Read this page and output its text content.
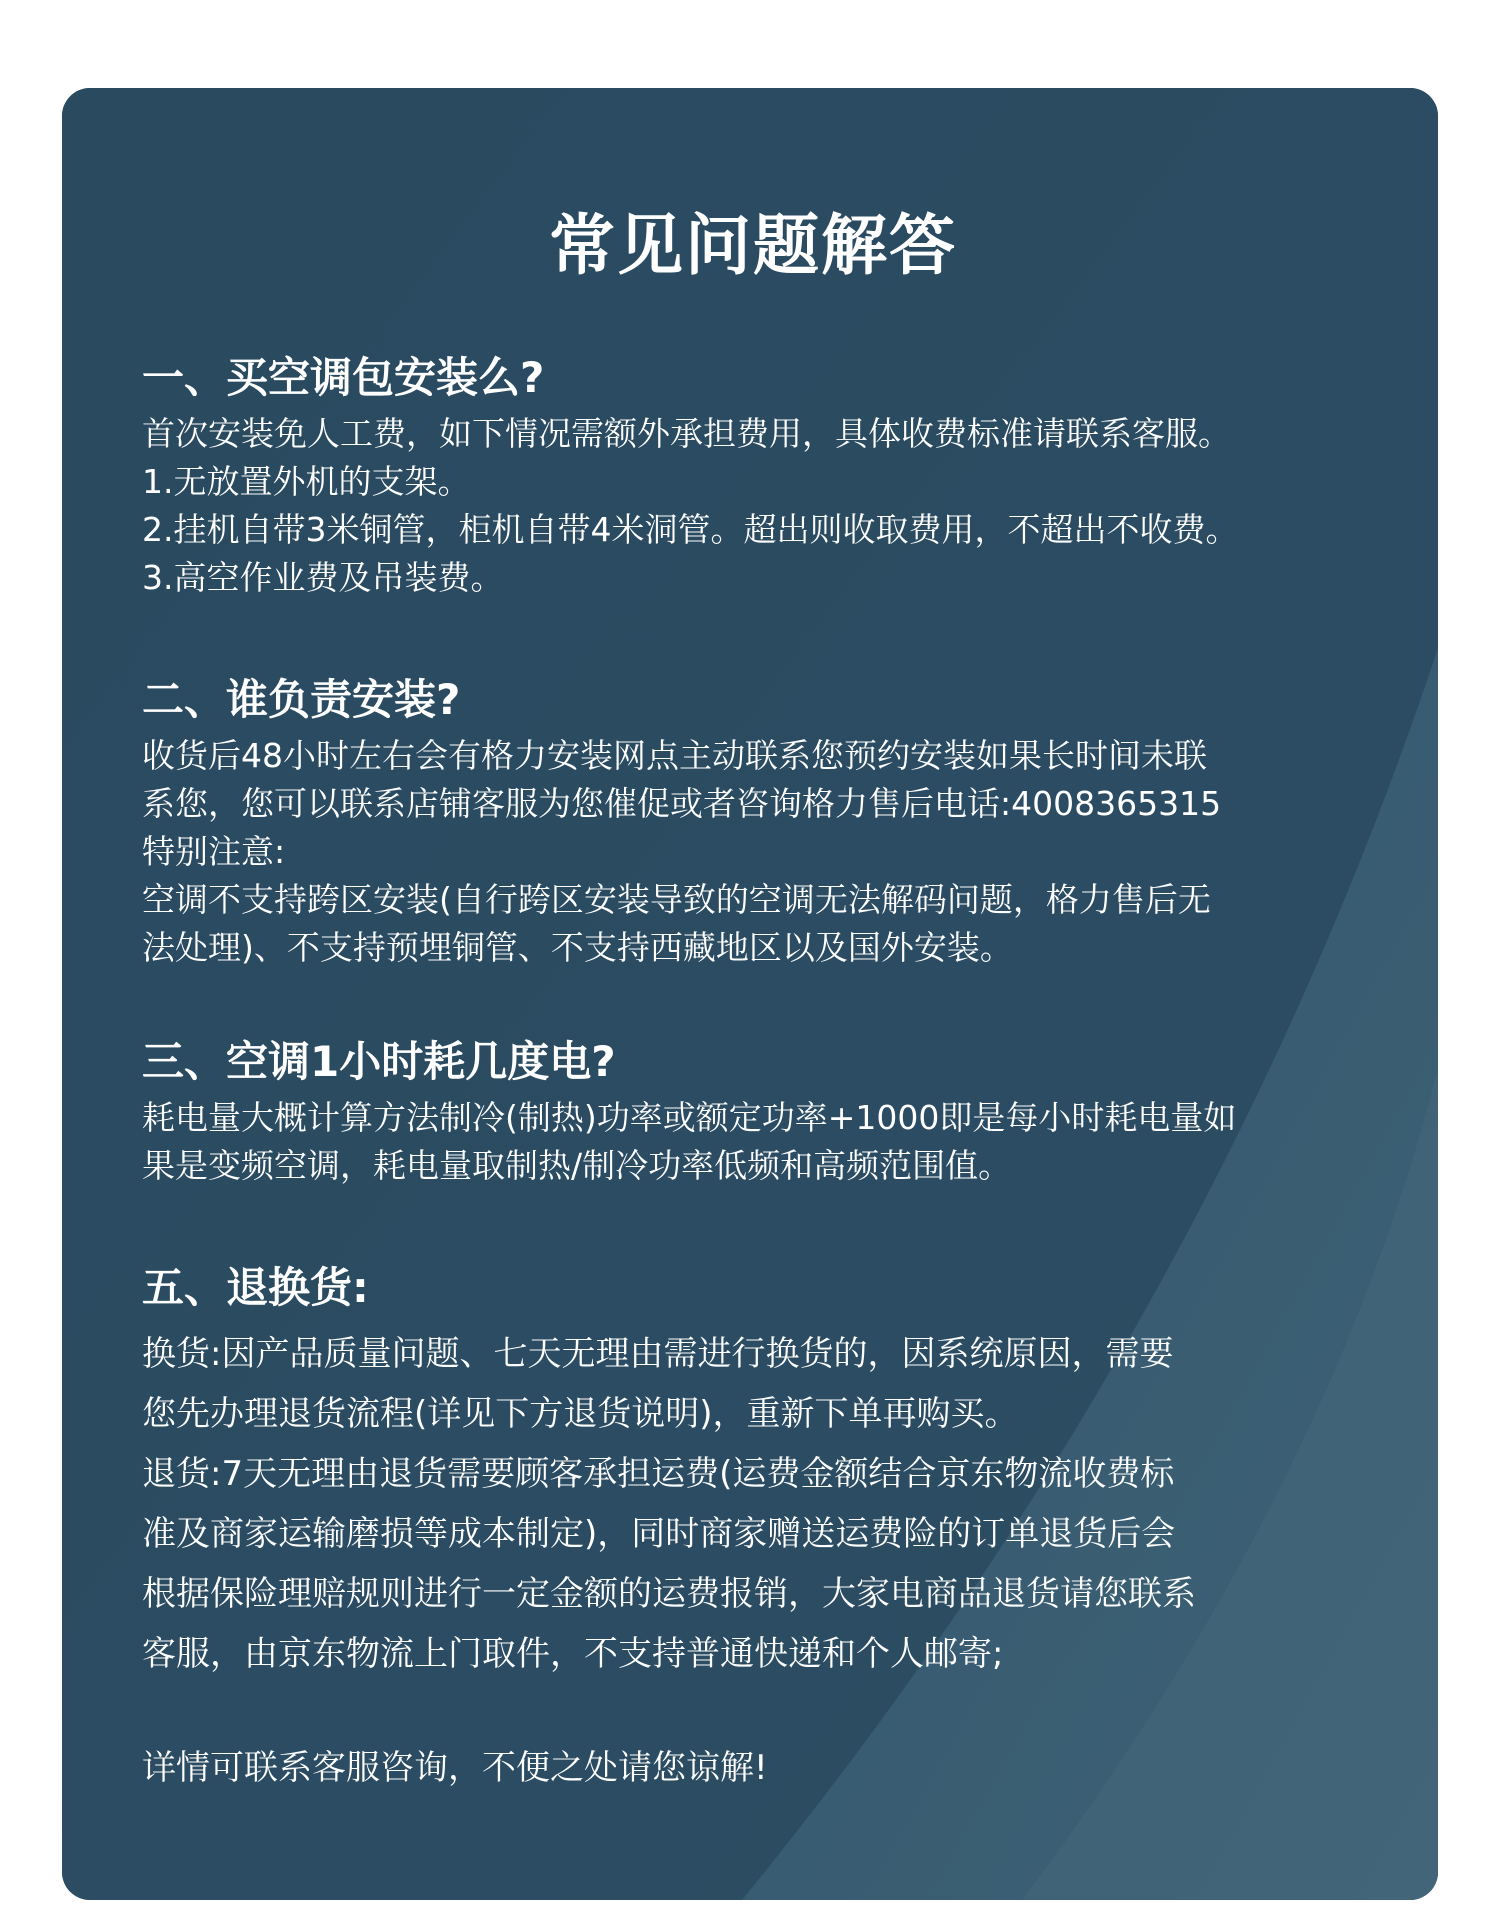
常见问题解答

一、买空调包安装么?

首次安装免人工费，如下情况需额外承担费用，具体收费标准请联系客服。

1.无放置外机的支架。

2.挂机自带3米铜管，柜机自带4米洞管。超出则收取费用，不超出不收费。

3.高空作业费及吊装费。

二、谁负责安装?

收货后48小时左右会有格力安装网点主动联系您预约安装如果长时间未联

系您，您可以联系店铺客服为您催促或者咨询格力售后电话:4008365315

特别注意:

空调不支持跨区安装(自行跨区安装导致的空调无法解码问题，格力售后无

法处理)、不支持预埋铜管、不支持西藏地区以及国外安装。

三、空调1小时耗几度电?

耗电量大概计算方法制冷(制热)功率或额定功率+1000即是每小时耗电量如

果是变频空调，耗电量取制热/制冷功率低频和高频范围值。

五、退换货:

换货:因产品质量问题、七天无理由需进行换货的，因系统原因，需要

您先办理退货流程(详见下方退货说明)，重新下单再购买。

退货:7天无理由退货需要顾客承担运费(运费金额结合京东物流收费标

准及商家运输磨损等成本制定)，同时商家赠送运费险的订单退货后会

根据保险理赔规则进行一定金额的运费报销，大家电商品退货请您联系

客服，由京东物流上门取件，不支持普通快递和个人邮寄;

详情可联系客服咨询，不便之处请您谅解!
